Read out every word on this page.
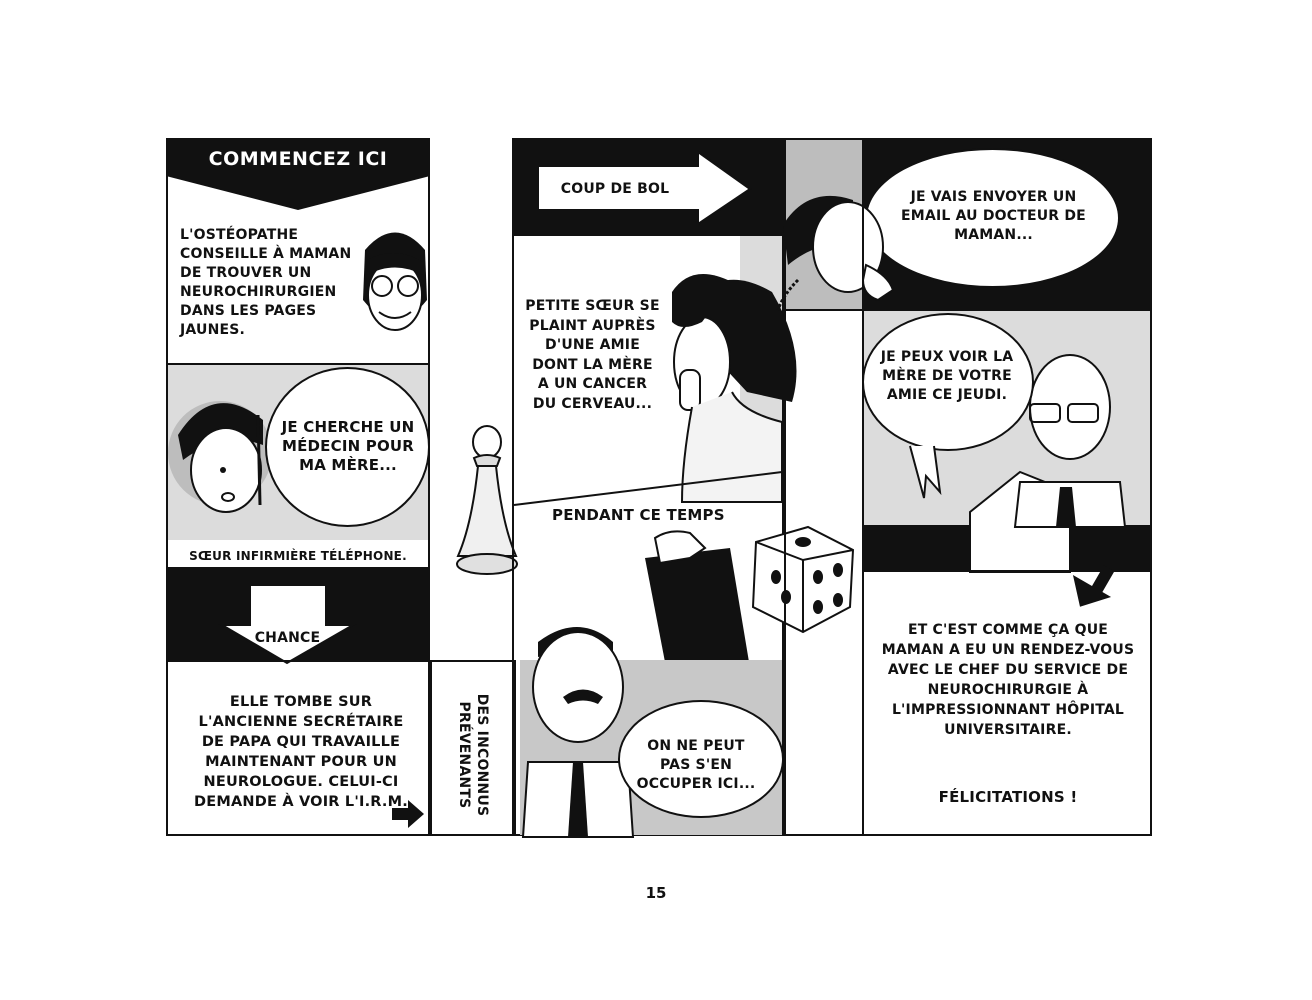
COMMENCEZ ICI
L'OSTÉOPATHE CONSEILLE À MAMAN DE TROUVER UN NEUROCHIRURGIEN DANS LES PAGES JAUNES.
JE CHERCHE UN MÉDECIN POUR MA MÈRE...
SŒUR INFIRMIÈRE TÉLÉPHONE.
CHANCE
ELLE TOMBE SUR L'ANCIENNE SECRÉTAIRE DE PAPA QUI TRAVAILLE MAINTENANT POUR UN NEUROLOGUE. CELUI-CI DEMANDE À VOIR L'I.R.M.	DES INCONNUS PRÉVENANTS
COUP DE BOL
PETITE SŒUR SE PLAINT AUPRÈS D'UNE AMIE DONT LA MÈRE A UN CANCER DU CERVEAU...
PENDANT CE TEMPS
ON NE PEUT PAS S'EN OCCUPER ICI...
JE VAIS ENVOYER UN EMAIL AU DOCTEUR DE MAMAN...
JE PEUX VOIR LA MÈRE DE VOTRE AMIE CE JEUDI.
ET C'EST COMME ÇA QUE MAMAN A EU UN RENDEZ-VOUS AVEC LE CHEF DU SERVICE DE NEUROCHIRURGIE À L'IMPRESSIONNANT HÔPITAL UNIVERSITAIRE.
FÉLICITATIONS !
15
